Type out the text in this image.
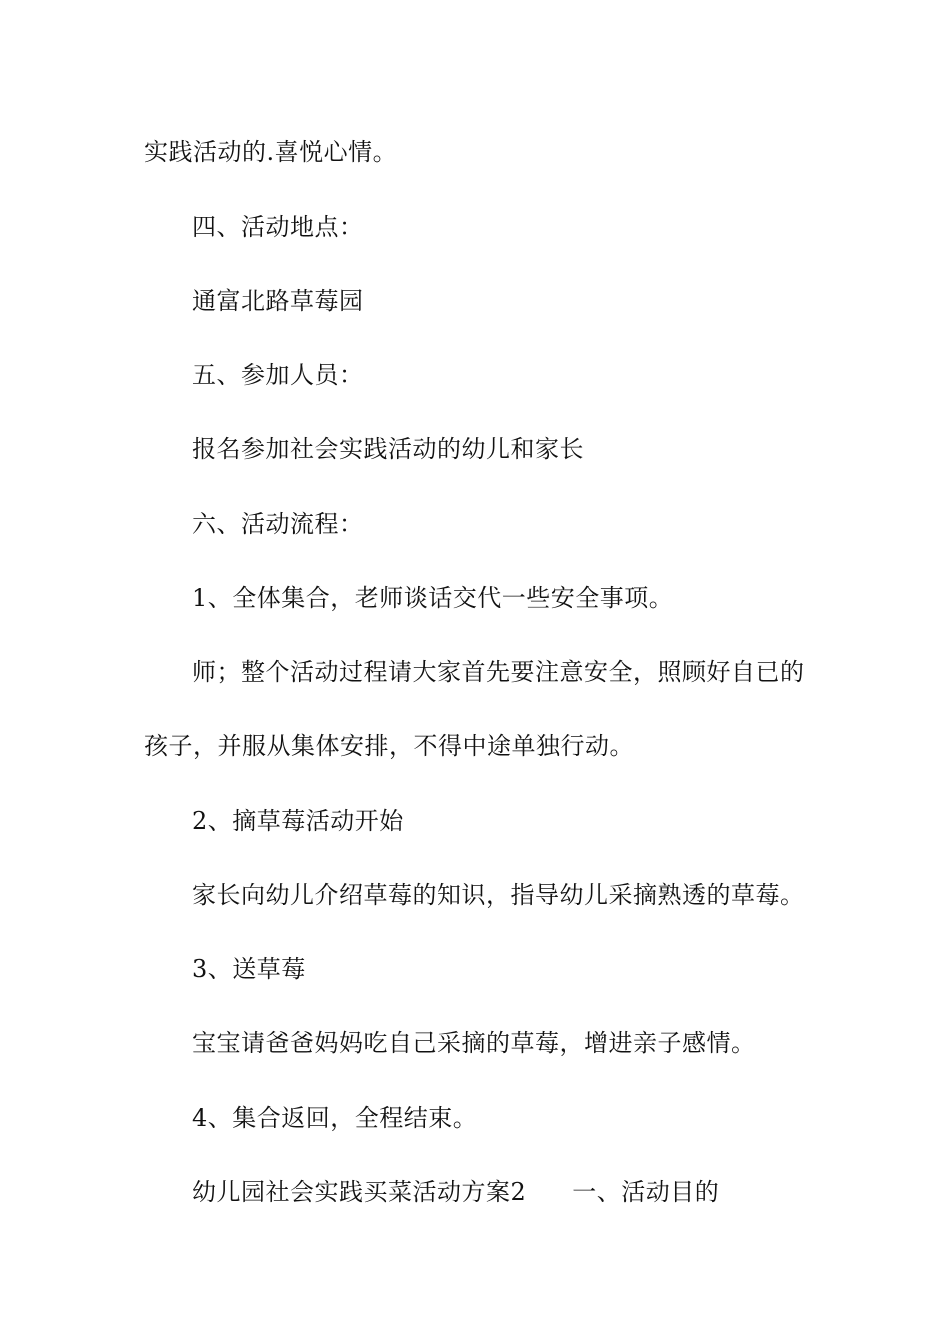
实践活动的.喜悦心情。
四、活动地点：
通富北路草莓园
五、参加人员：
报名参加社会实践活动的幼儿和家长
六、活动流程：
1、全体集合，老师谈话交代一些安全事项。
师；整个活动过程请大家首先要注意安全，照顾好自已的
孩子，并服从集体安排，不得中途单独行动。
2、摘草莓活动开始
家长向幼儿介绍草莓的知识，指导幼儿采摘熟透的草莓。
3、送草莓
宝宝请爸爸妈妈吃自己采摘的草莓，增进亲子感情。
4、集合返回，全程结束。
幼儿园社会实践买菜活动方案2 一、活动目的
